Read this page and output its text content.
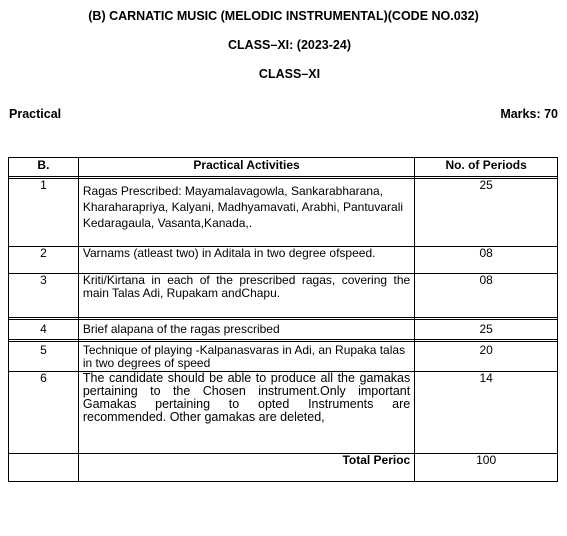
(B) CARNATIC MUSIC (MELODIC INSTRUMENTAL)(CODE NO.032)
CLASS–XI: (2023-24)
CLASS–XI
Practical	Marks: 70
B.	Practical Activities	No. of Periods

1	Ragas Prescribed: Mayamalavagowla, Sankarabharana, Kharaharapriya, Kalyani, Madhyamavati, Arabhi, Pantuvarali Kedaragaula, Vasanta,Kanada,.	25
2	Varnams (atleast two) in Aditala in two degree ofspeed.	08
3	Kriti/Kirtana in each of the prescribed ragas, covering the main Talas Adi, Rupakam andChapu.	08

4	Brief alapana of the ragas prescribed	25

5	Technique of playing -Kalpanasvaras in Adi, an Rupaka talas in two degrees of speed	20
6	The candidate should be able to produce all the gamakas pertaining to the Chosen instrument.Only important Gamakas pertaining to opted Instruments are recommended. Other gamakas are deleted,	14
	Total Perioc	100
